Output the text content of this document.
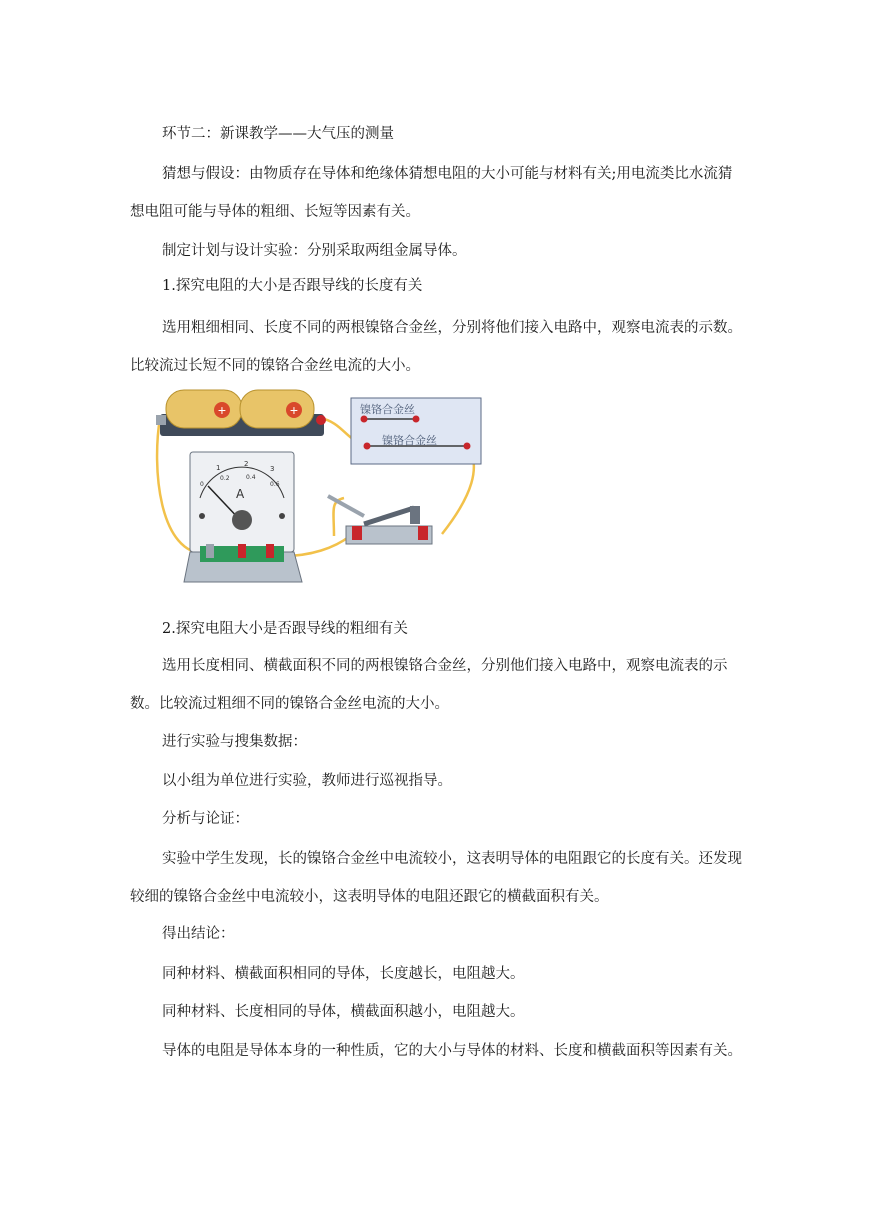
环节二：新课教学——大气压的测量

猜想与假设：由物质存在导体和绝缘体猜想电阻的大小可能与材料有关;用电流类比水流猜想电阻可能与导体的粗细、长短等因素有关。

制定计划与设计实验：分别采取两组金属导体。

1.探究电阻的大小是否跟导线的长度有关

选用粗细相同、长度不同的两根镍铬合金丝，分别将他们接入电路中，观察电流表的示数。比较流过长短不同的镍铬合金丝电流的大小。

+	+	镍铬合金丝
镍铬合金丝
1	2
3
0
0.2	0.4
0.6
A

2.探究电阻大小是否跟导线的粗细有关

选用长度相同、横截面积不同的两根镍铬合金丝，分别他们接入电路中，观察电流表的示数。比较流过粗细不同的镍铬合金丝电流的大小。

进行实验与搜集数据：

以小组为单位进行实验，教师进行巡视指导。

分析与论证：

实验中学生发现，长的镍铬合金丝中电流较小，这表明导体的电阻跟它的长度有关。还发现较细的镍铬合金丝中电流较小，这表明导体的电阻还跟它的横截面积有关。

得出结论：

同种材料、横截面积相同的导体，长度越长，电阻越大。

同种材料、长度相同的导体，横截面积越小，电阻越大。

导体的电阻是导体本身的一种性质，它的大小与导体的材料、长度和横截面积等因素有关。
